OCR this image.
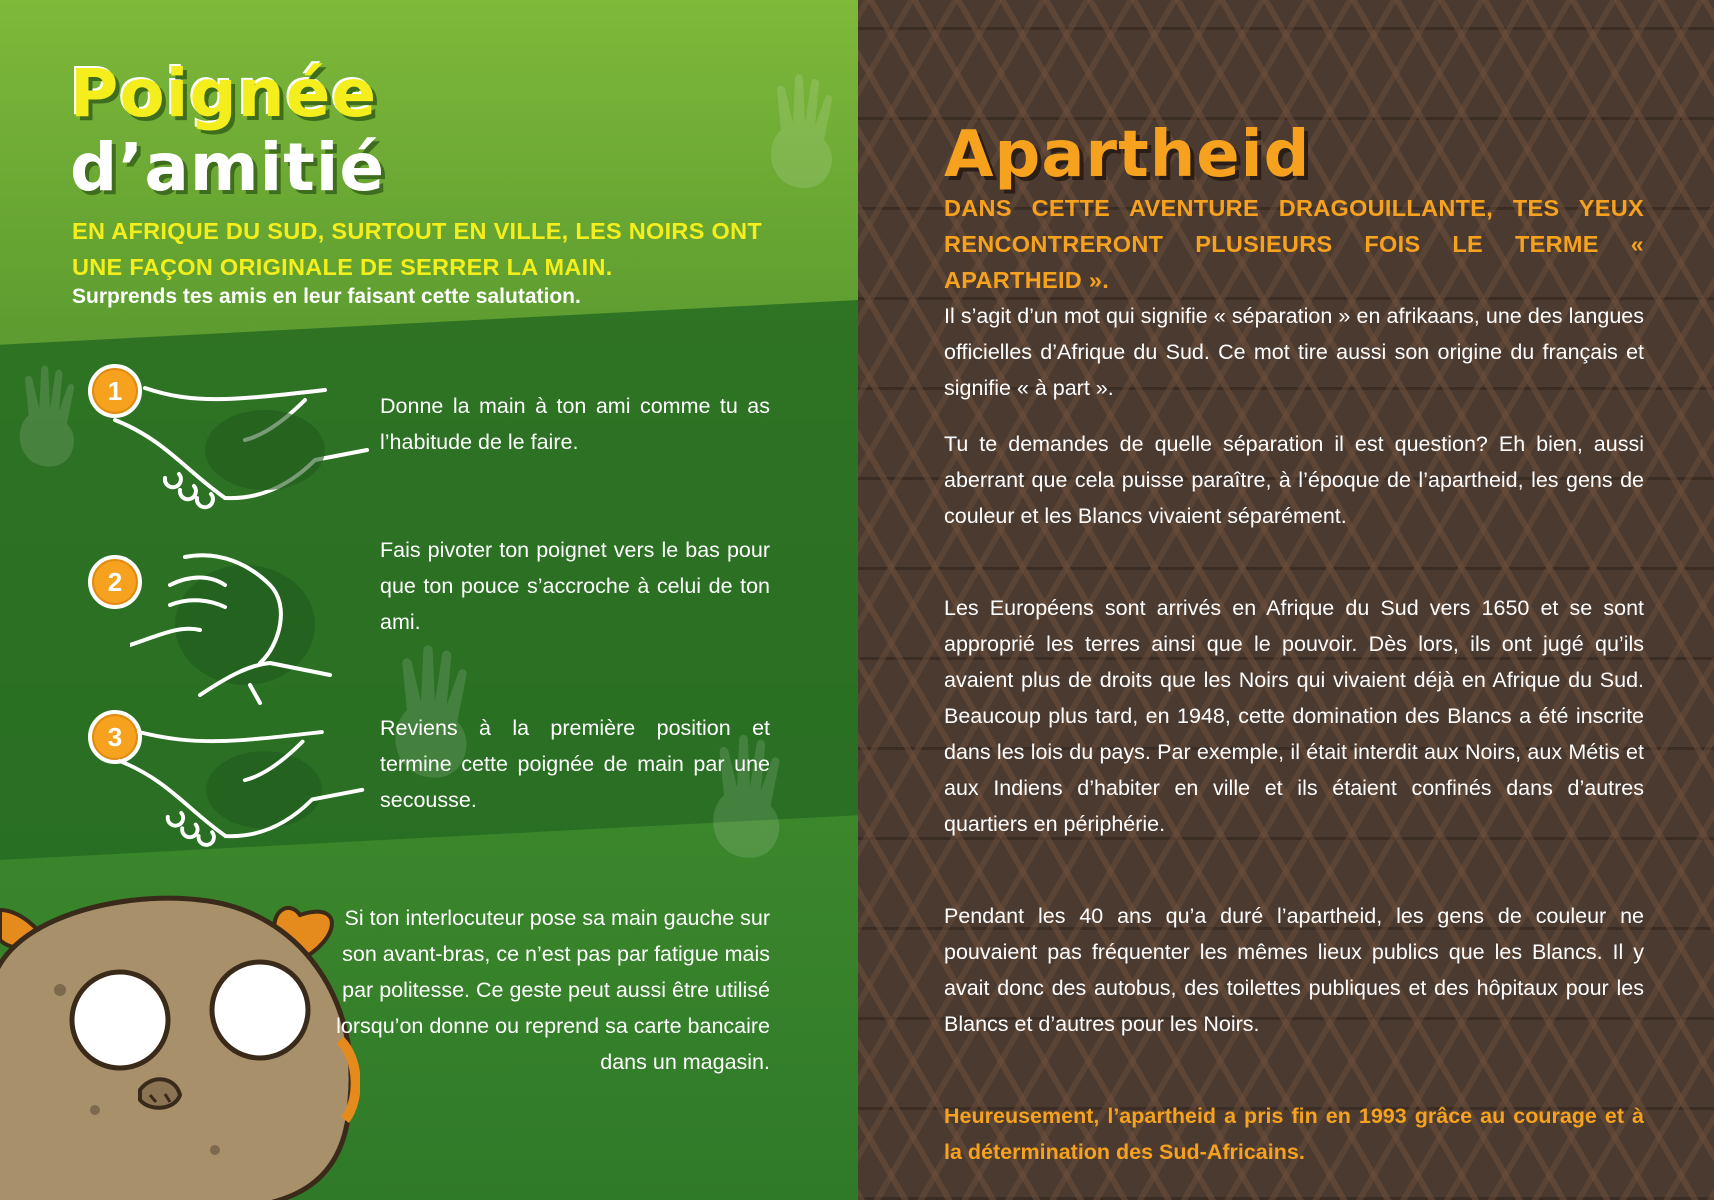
Poignée
d’amitié

EN AFRIQUE DU SUD, SURTOUT EN VILLE, LES NOIRS ONT UNE FAÇON ORIGINALE DE SERRER LA MAIN.

Surprends tes amis en leur faisant cette salutation.

1	Donne la main à ton ami comme tu as l’habitude de le faire.

2

Fais pivoter ton poignet vers le bas pour que ton pouce s’accroche à celui de ton ami.

3	Reviens à la première position et termine cette poignée de main par une secousse.

Si ton interlocuteur pose sa main gauche sur son avant-bras, ce n’est pas par fatigue mais par politesse. Ce geste peut aussi être utilisé lorsqu’on donne ou reprend sa carte bancaire dans un magasin.

Apartheid

DANS CETTE AVENTURE DRAGOUILLANTE, TES YEUX RENCONTRERONT PLUSIEURS FOIS LE TERME « APARTHEID ».

Il s’agit d’un mot qui signifie « séparation » en afrikaans, une des langues officielles d’Afrique du Sud. Ce mot tire aussi son origine du français et signifie « à part ».

Tu te demandes de quelle séparation il est question? Eh bien, aussi aberrant que cela puisse paraître, à l’époque de l’apartheid, les gens de couleur et les Blancs vivaient séparément.

Les Européens sont arrivés en Afrique du Sud vers 1650 et se sont approprié les terres ainsi que le pouvoir. Dès lors, ils ont jugé qu’ils avaient plus de droits que les Noirs qui vivaient déjà en Afrique du Sud. Beaucoup plus tard, en 1948, cette domination des Blancs a été inscrite dans les lois du pays. Par exemple, il était interdit aux Noirs, aux Métis et aux Indiens d’habiter en ville et ils étaient confinés dans d’autres quartiers en périphérie.

Pendant les 40 ans qu’a duré l’apartheid, les gens de couleur ne pouvaient pas fréquenter les mêmes lieux publics que les Blancs. Il y avait donc des autobus, des toilettes publiques et des hôpitaux pour les Blancs et d’autres pour les Noirs.

Heureusement, l’apartheid a pris fin en 1993 grâce au courage et à la détermination des Sud-Africains.
